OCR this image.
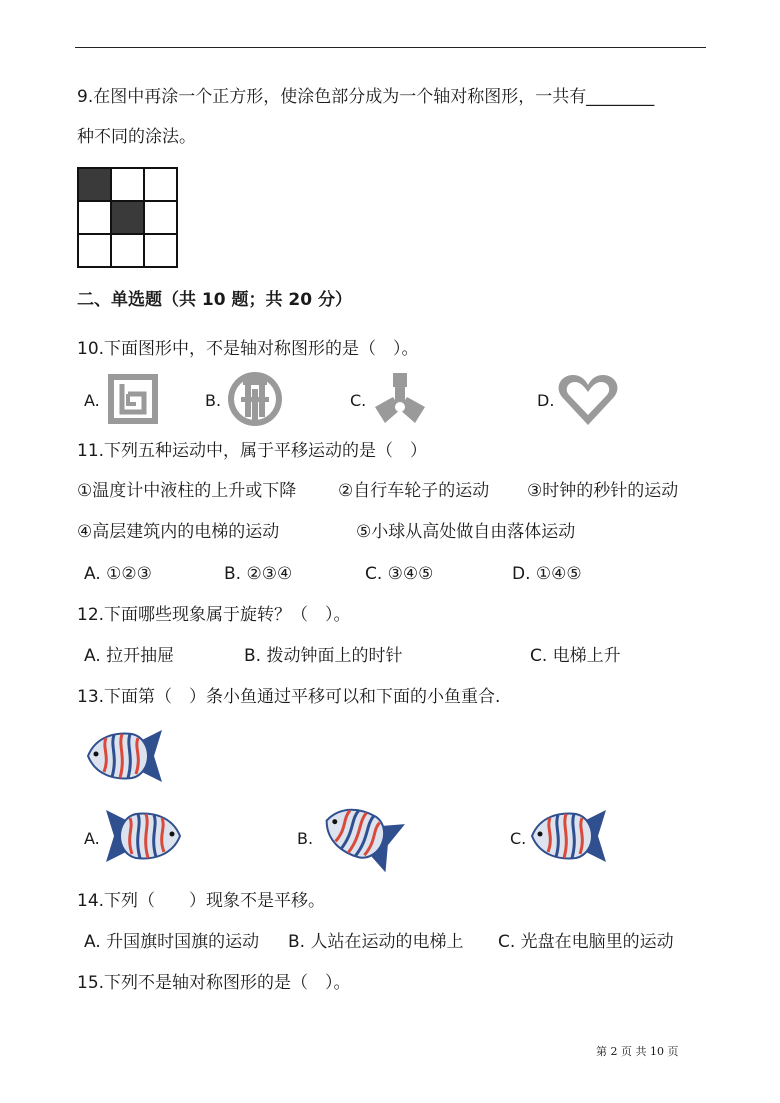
9.在图中再涂一个正方形，使涂色部分成为一个轴对称图形，一共有________
种不同的涂法。

二、单选题（共 10 题；共 20 分）
10.下面图形中，不是轴对称图形的是（　）。
A.	B.	C.	D.
11.下列五种运动中，属于平移运动的是（　）
①温度计中液柱的上升或下降 ②自行车轮子的运动 ③时钟的秒针的运动
④高层建筑内的电梯的运动	⑤小球从高处做自由落体运动
A. ①②③	B. ②③④	C. ③④⑤	D. ①④⑤
12.下面哪些现象属于旋转？（　）。
A. 拉开抽屉	B. 拨动钟面上的时针	C. 电梯上升
13.下面第（　）条小鱼通过平移可以和下面的小鱼重合.
A.	B.	C.
14.下列（　　）现象不是平移。
A. 升国旗时国旗的运动 B. 人站在运动的电梯上 C. 光盘在电脑里的运动
15.下列不是轴对称图形的是（　）。
第 2 页 共 10 页
